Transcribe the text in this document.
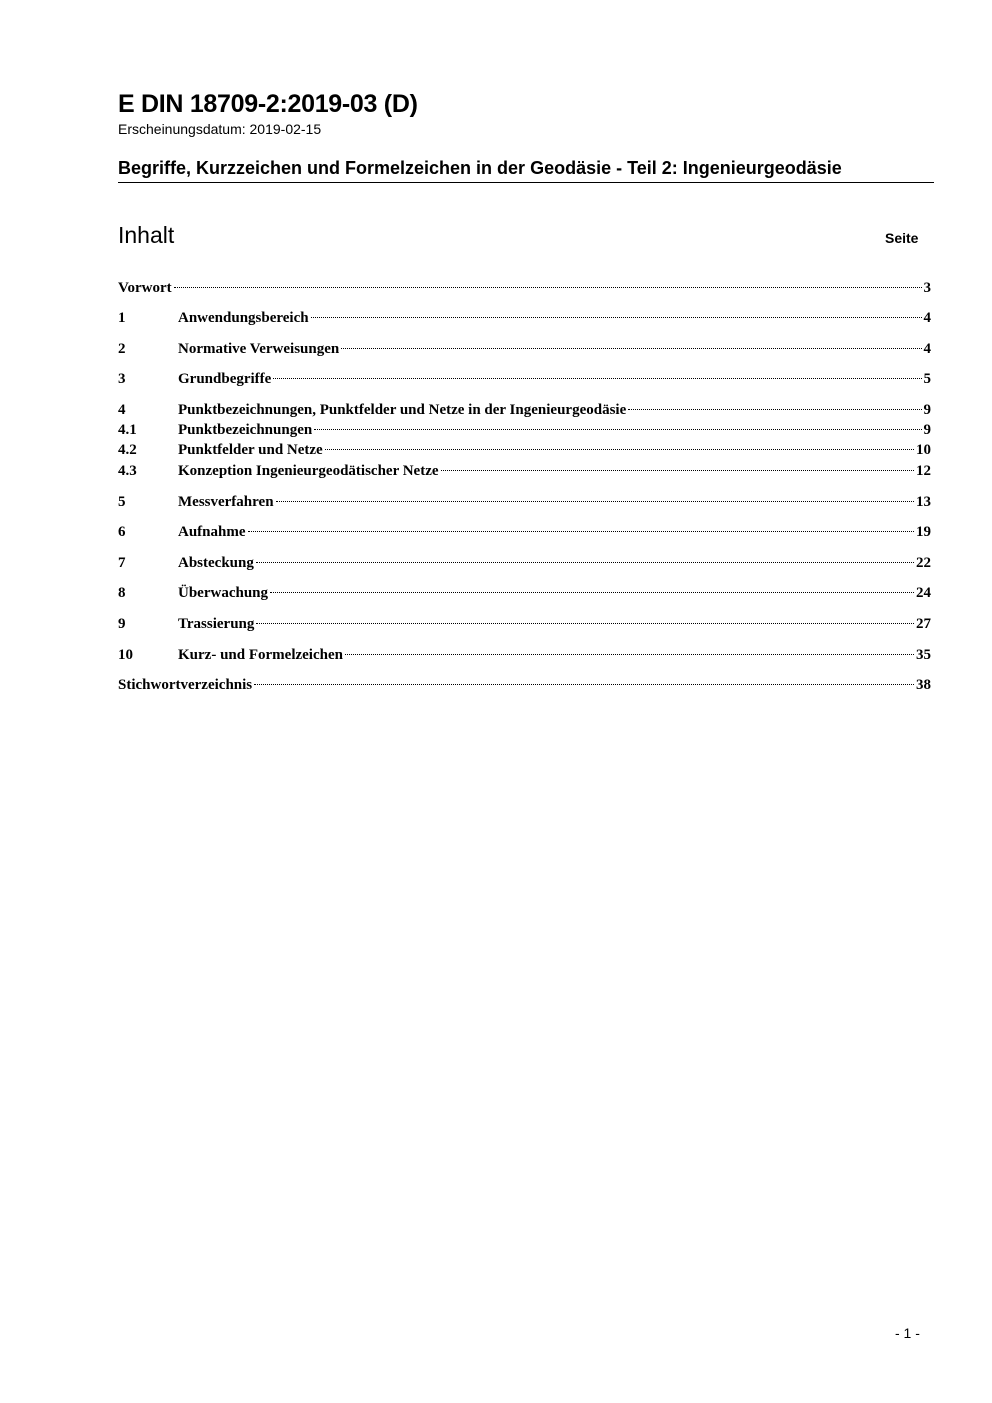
E DIN 18709-2:2019-03 (D)
Erscheinungsdatum: 2019-02-15
Begriffe, Kurzzeichen und Formelzeichen in der Geodäsie - Teil 2: Ingenieurgeodäsie
Inhalt	Seite
Vorwort	3
1	Anwendungsbereich	4
2	Normative Verweisungen	4
3	Grundbegriffe	5
4	Punktbezeichnungen, Punktfelder und Netze in der Ingenieurgeodäsie	9
4.1	Punktbezeichnungen	9
4.2	Punktfelder und Netze	10
4.3	Konzeption Ingenieurgeodätischer Netze	12
5	Messverfahren	13
6	Aufnahme	19
7	Absteckung	22
8	Überwachung	24
9	Trassierung	27
10	Kurz- und Formelzeichen	35
Stichwortverzeichnis	38
- 1 -
